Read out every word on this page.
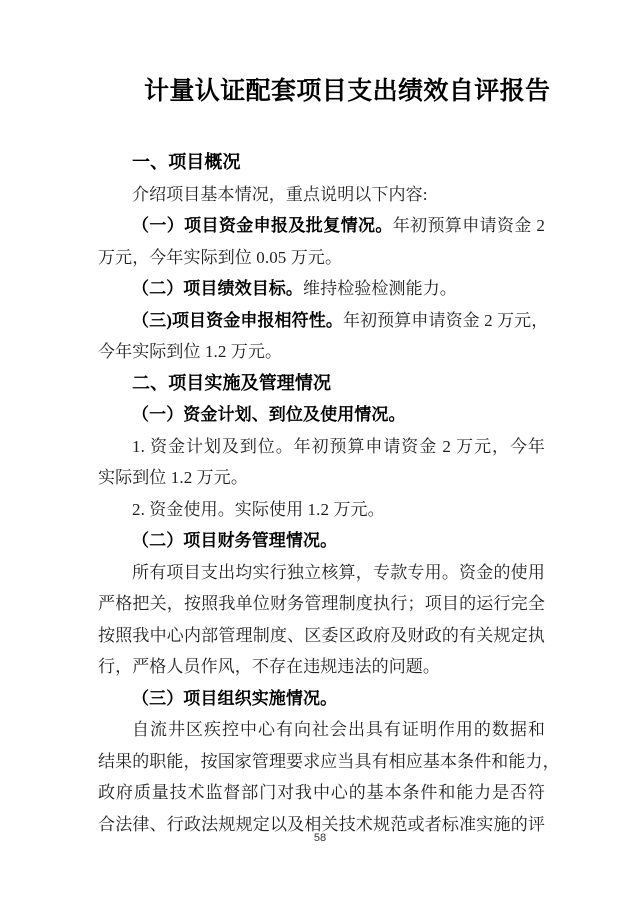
计量认证配套项目支出绩效自评报告
一、项目概况
介绍项目基本情况，重点说明以下内容:
（一）项目资金申报及批复情况。年初预算申请资金 2
万元，今年实际到位 0.05 万元。
（二）项目绩效目标。维持检验检测能力。
（三)项目资金申报相符性。年初预算申请资金 2 万元，
今年实际到位 1.2 万元。
二、项目实施及管理情况
（一）资金计划、到位及使用情况。
1. 资金计划及到位。年初预算申请资金 2 万元，今年
实际到位 1.2 万元。
2. 资金使用。实际使用 1.2 万元。
（二）项目财务管理情况。
所有项目支出均实行独立核算，专款专用。资金的使用
严格把关，按照我单位财务管理制度执行；项目的运行完全
按照我中心内部管理制度、区委区政府及财政的有关规定执
行，严格人员作风，不存在违规违法的问题。
（三）项目组织实施情况。
自流井区疾控中心有向社会出具有证明作用的数据和
结果的职能，按国家管理要求应当具有相应基本条件和能力，
政府质量技术监督部门对我中心的基本条件和能力是否符
合法律、行政法规规定以及相关技术规范或者标准实施的评
58
